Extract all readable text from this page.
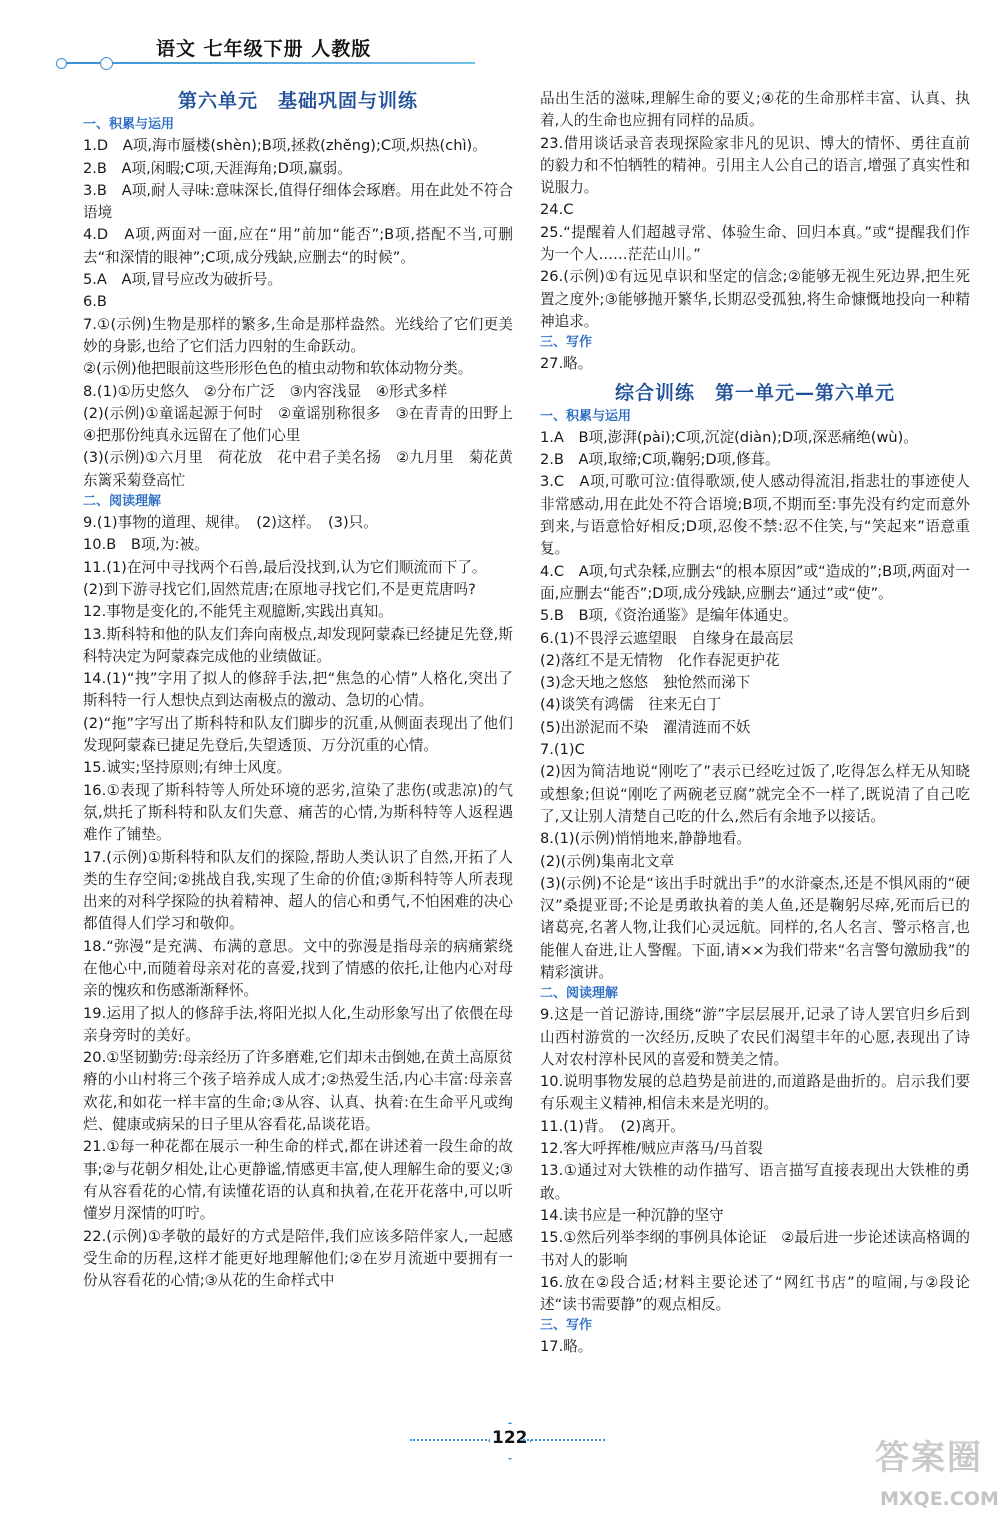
语文 七年级下册 人教版
第六单元　基础巩固与训练
一、积累与运用
1.D　A项,海市蜃楼(shèn);B项,拯救(zhěng);C项,炽热(chì)。
2.B　A项,闲暇;C项,天涯海角;D项,赢弱。
3.B　A项,耐人寻味:意味深长,值得仔细体会琢磨。用在此处不符合语境
4.D　A项,两面对一面,应在“用”前加“能否”;B项,搭配不当,可删去“和深情的眼神”;C项,成分残缺,应删去“的时候”。
5.A　A项,冒号应改为破折号。
6.B
7.①(示例)生物是那样的繁多,生命是那样盎然。光线给了它们更美妙的身影,也给了它们活力四射的生命跃动。
②(示例)他把眼前这些形形色色的植虫动物和软体动物分类。
8.(1)①历史悠久　②分布广泛　③内容浅显　④形式多样
(2)(示例)①童谣起源于何时　②童谣别称很多　③在青青的田野上　④把那份纯真永远留在了他们心里
(3)(示例)①六月里　荷花放　花中君子美名扬　②九月里　菊花黄　东篱采菊登高忙
二、阅读理解
9.(1)事物的道理、规律。　(2)这样。　(3)只。
10.B　B项,为:被。
11.(1)在河中寻找两个石兽,最后没找到,认为它们顺流而下了。
(2)到下游寻找它们,固然荒唐;在原地寻找它们,不是更荒唐吗?
12.事物是变化的,不能凭主观臆断,实践出真知。
13.斯科特和他的队友们奔向南极点,却发现阿蒙森已经捷足先登,斯科特决定为阿蒙森完成他的业绩做证。
14.(1)“拽”字用了拟人的修辞手法,把“焦急的心情”人格化,突出了斯科特一行人想快点到达南极点的激动、急切的心情。
(2)“拖”字写出了斯科特和队友们脚步的沉重,从侧面表现出了他们发现阿蒙森已捷足先登后,失望透顶、万分沉重的心情。
15.诚实;坚持原则;有绅士风度。
16.①表现了斯科特等人所处环境的恶劣,渲染了悲伤(或悲凉)的气氛,烘托了斯科特和队友们失意、痛苦的心情,为斯科特等人返程遇难作了铺垫。
17.(示例)①斯科特和队友们的探险,帮助人类认识了自然,开拓了人类的生存空间;②挑战自我,实现了生命的价值;③斯科特等人所表现出来的对科学探险的执着精神、超人的信心和勇气,不怕困难的决心都值得人们学习和敬仰。
18.“弥漫”是充满、布满的意思。文中的弥漫是指母亲的病痛萦绕在他心中,而随着母亲对花的喜爱,找到了情感的依托,让他内心对母亲的愧疚和伤感渐渐释怀。
19.运用了拟人的修辞手法,将阳光拟人化,生动形象写出了依偎在母亲身旁时的美好。
20.①坚韧勤劳:母亲经历了许多磨难,它们却未击倒她,在黄土高原贫瘠的小山村将三个孩子培养成人成才;②热爱生活,内心丰富:母亲喜欢花,和如花一样丰富的生命;③从容、认真、执着:在生命平凡或绚烂、健康或病呆的日子里从容看花,品谈花语。
21.①每一种花都在展示一种生命的样式,都在讲述着一段生命的故事;②与花朝夕相处,让心更静谧,情感更丰富,使人理解生命的要义;③有从容看花的心情,有读懂花语的认真和执着,在花开花落中,可以听懂岁月深情的叮咛。
22.(示例)①孝敬的最好的方式是陪伴,我们应该多陪伴家人,一起感受生命的历程,这样才能更好地理解他们;②在岁月流逝中要拥有一份从容看花的心情;③从花的生命样式中
品出生活的滋味,理解生命的要义;④花的生命那样丰富、认真、执着,人的生命也应拥有同样的品质。
23.借用谈话录音表现探险家非凡的见识、博大的情怀、勇往直前的毅力和不怕牺牲的精神。引用主人公自己的语言,增强了真实性和说服力。
24.C
25.“提醒着人们超越寻常、体验生命、回归本真。”或“提醒我们作为一个人……茫茫山川。”
26.(示例)①有远见卓识和坚定的信念;②能够无视生死边界,把生死置之度外;③能够抛开繁华,长期忍受孤独,将生命慷慨地投向一种精神追求。
三、写作
27.略。
综合训练　第一单元—第六单元
一、积累与运用
1.A　B项,澎湃(pài);C项,沉淀(diàn);D项,深恶痛绝(wù)。
2.B　A项,取缔;C项,鞠躬;D项,修葺。
3.C　A项,可歌可泣:值得歌颂,使人感动得流泪,指悲壮的事迹使人非常感动,用在此处不符合语境;B项,不期而至:事先没有约定而意外到来,与语意恰好相反;D项,忍俊不禁:忍不住笑,与“笑起来”语意重复。
4.C　A项,句式杂糅,应删去“的根本原因”或“造成的”;B项,两面对一面,应删去“能否”;D项,成分残缺,应删去“通过”或“使”。
5.B　B项,《资治通鉴》是编年体通史。
6.(1)不畏浮云遮望眼　自缘身在最高层
(2)落红不是无情物　化作春泥更护花
(3)念天地之悠悠　独怆然而涕下
(4)谈笑有鸿儒　往来无白丁
(5)出淤泥而不染　濯清涟而不妖
7.(1)C
(2)因为简洁地说“刚吃了”表示已经吃过饭了,吃得怎么样无从知晓或想象;但说“刚吃了两碗老豆腐”就完全不一样了,既说清了自己吃了,又让别人清楚自己吃的什么,然后有余地予以接话。
8.(1)(示例)悄悄地来,静静地看。
(2)(示例)集南北文章
(3)(示例)不论是“该出手时就出手”的水浒豪杰,还是不惧风雨的“硬汉”桑提亚哥;不论是勇敢执着的美人鱼,还是鞠躬尽瘁,死而后已的诸葛亮,名著人物,让我们心灵远航。同样的,名人名言、警示格言,也能催人奋进,让人警醒。下面,请××为我们带来“名言警句激励我”的精彩演讲。
二、阅读理解
9.这是一首记游诗,围绕“游”字层层展开,记录了诗人罢官归乡后到山西村游赏的一次经历,反映了农民们渴望丰年的心愿,表现出了诗人对农村淳朴民风的喜爱和赞美之情。
10.说明事物发展的总趋势是前进的,而道路是曲折的。启示我们要有乐观主义精神,相信未来是光明的。
11.(1)背。　(2)离开。
12.客大呼挥椎/贼应声落马/马首裂
13.①通过对大铁椎的动作描写、语言描写直接表现出大铁椎的勇敢。
14.读书应是一种沉静的坚守
15.①然后列举李纲的事例具体论证　②最后进一步论述读高格调的书对人的影响
16.放在②段合适;材料主要论述了“网红书店”的喧闹,与②段论述“读书需要静”的观点相反。
三、写作
17.略。
122	答案圈
MXQE.COM
